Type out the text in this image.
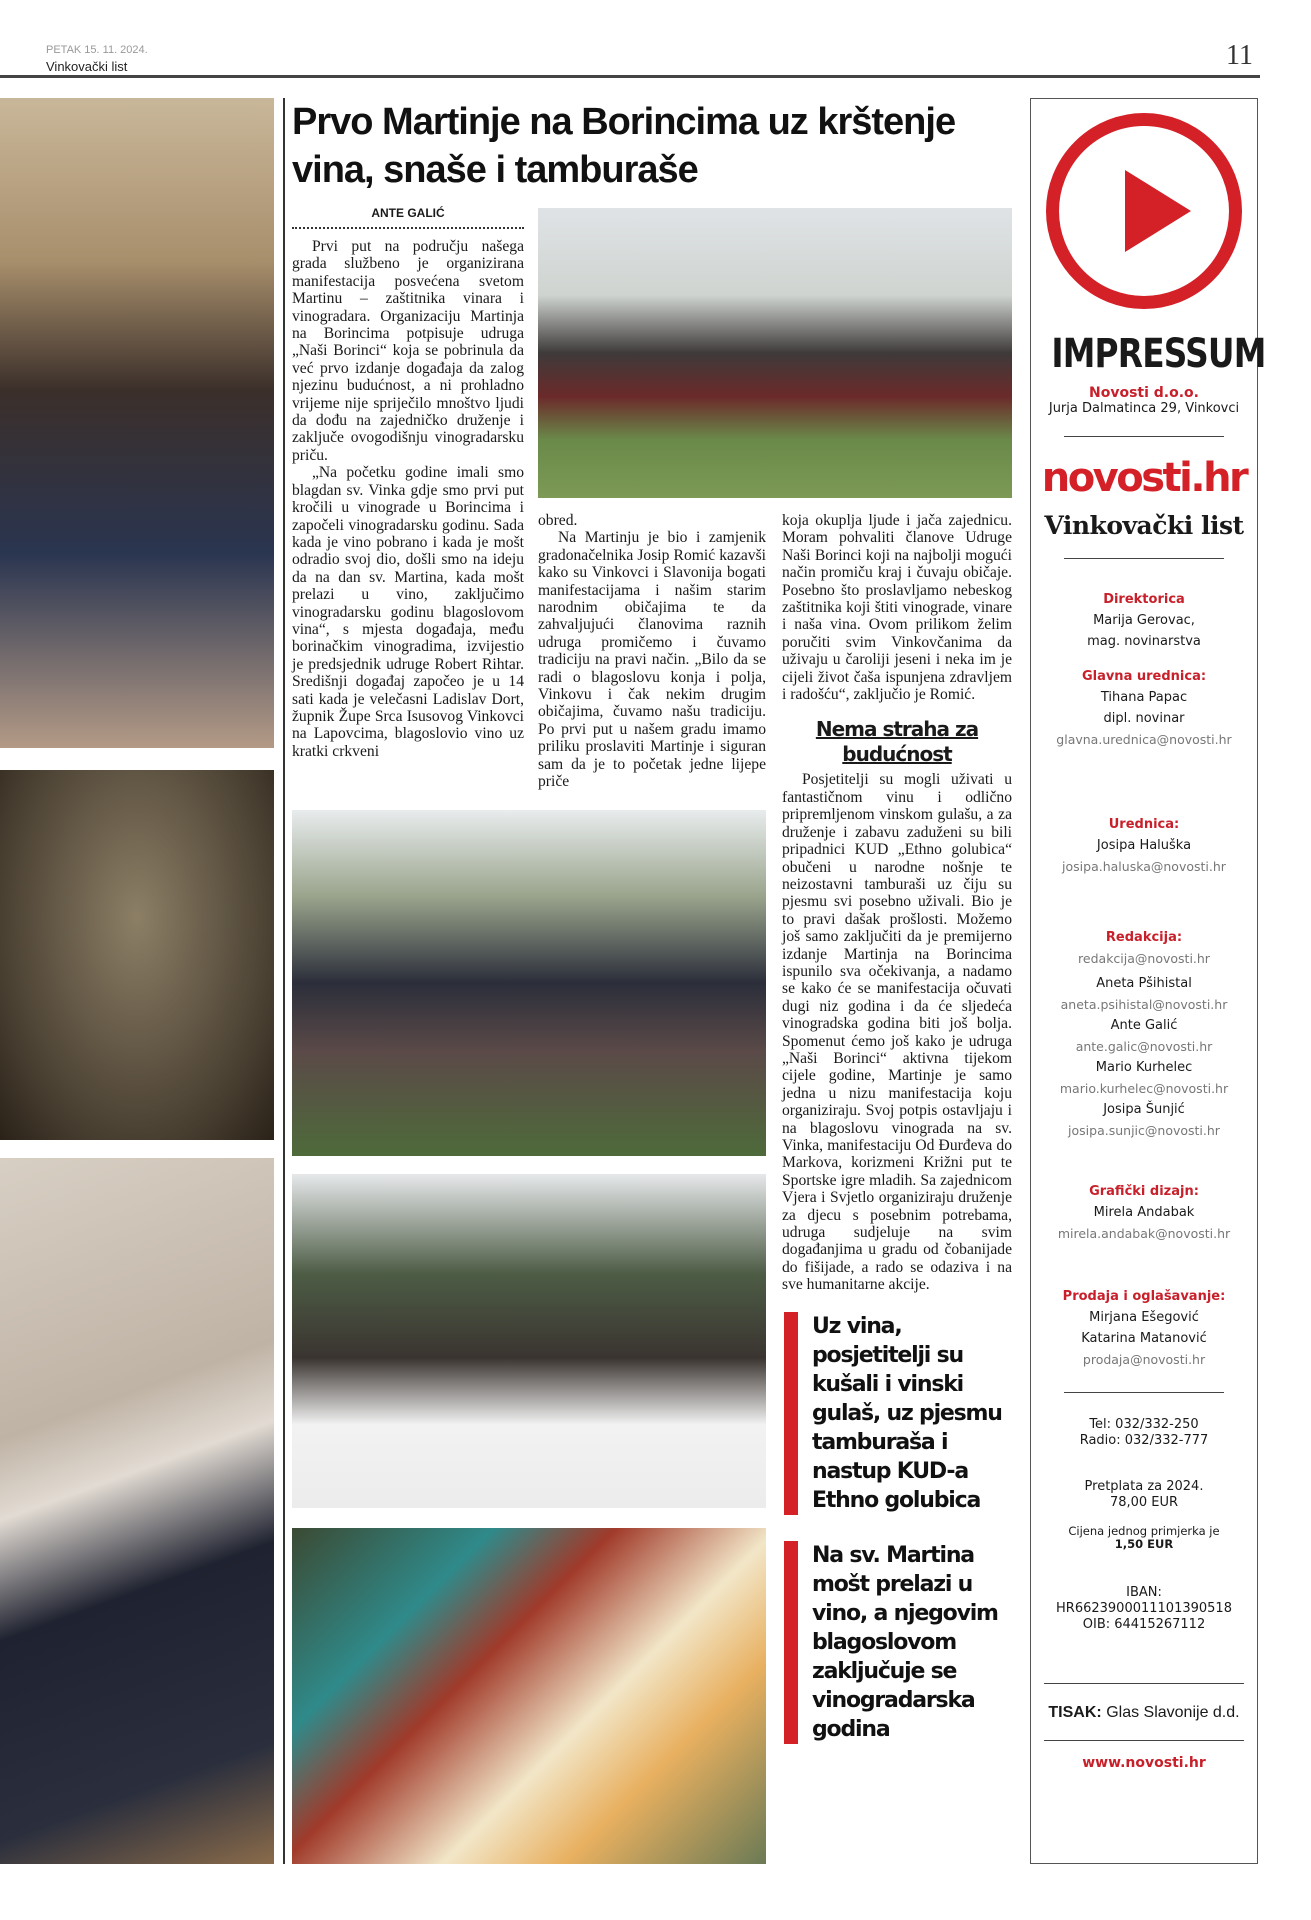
PETAK 15. 11. 2024.
Vinkovački list	11
Prvo Martinje na Borincima uz krštenje vina, snaše i tamburaše
ANTE GALIĆ

Prvi put na području našega grada službeno je organizirana manifestacija posvećena svetom Martinu – zaštitnika vinara i vinogradara. Organizaciju Martinja na Borincima potpisuje udruga „Naši Borinci“ koja se pobrinula da već prvo izdanje događaja da zalog njezinu budućnost, a ni prohladno vrijeme nije spriječilo mnoštvo ljudi da dođu na zajedničko druženje i zaključe ovogodišnju vinogradarsku priču.

„Na početku godine imali smo blagdan sv. Vinka gdje smo prvi put kročili u vinograde u Borincima i započeli vinogradarsku godinu. Sada kada je vino pobrano i kada je mošt odradio svoj dio, došli smo na ideju da na dan sv. Martina, kada mošt prelazi u vino, zaključimo vinogradarsku godinu blagoslovom vina“, s mjesta događaja, među borinačkim vinogradima, izvijestio je predsjednik udruge Robert Rihtar. Središnji događaj započeo je u 14 sati kada je velečasni Ladislav Dort, župnik Župe Srca Isusovog Vinkovci na Lapovcima, blagoslovio vino uz kratki crkveni

obred.

Na Martinju je bio i zamjenik gradonačelnika Josip Romić kazavši kako su Vinkovci i Slavonija bogati manifestacijama i našim starim narodnim običajima te da zahvaljujući članovima raznih udruga promičemo i čuvamo tradiciju na pravi način. „Bilo da se radi o blagoslovu konja i polja, Vinkovu i čak nekim drugim običajima, čuvamo našu tradiciju. Po prvi put u našem gradu imamo priliku proslaviti Martinje i siguran sam da je to početak jedne lijepe priče

koja okuplja ljude i jača zajednicu. Moram pohvaliti članove Udruge Naši Borinci koji na najbolji mogući način promiču kraj i čuvaju običaje. Posebno što proslavljamo nebeskog zaštitnika koji štiti vinograde, vinare i naša vina. Ovom prilikom želim poručiti svim Vinkovčanima da uživaju u čaroliji jeseni i neka im je cijeli život čaša ispunjena zdravljem i radošću“, zaključio je Romić.

Nema straha za budućnost

Posjetitelji su mogli uživati u fantastičnom vinu i odlično pripremljenom vinskom gulašu, a za druženje i zabavu zaduženi su bili pripadnici KUD „Ethno golubica“ obučeni u narodne nošnje te neizostavni tamburaši uz čiju su pjesmu svi posebno uživali. Bio je to pravi dašak prošlosti. Možemo još samo zaključiti da je premijerno izdanje Martinja na Borincima ispunilo sva očekivanja, a nadamo se kako će se manifestacija očuvati dugi niz godina i da će sljedeća vinogradska godina biti još bolja. Spomenut ćemo još kako je udruga „Naši Borinci“ aktivna tijekom cijele godine, Martinje je samo jedna u nizu manifestacija koju organiziraju. Svoj potpis ostavljaju i na blagoslovu vinograda na sv. Vinka, manifestaciju Od Đurđeva do Markova, korizmeni Križni put te Sportske igre mladih. Sa zajednicom Vjera i Svjetlo organiziraju druženje za djecu s posebnim potrebama, udruga sudjeluje na svim događanjima u gradu od čobanijade do fišijade, a rado se odaziva i na sve humanitarne akcije.

Uz vina, posjetitelji su kušali i vinski gulaš, uz pjesmu tamburaša i nastup KUD-a Ethno golubica
Na sv. Martina mošt prelazi u vino, a njegovim blagoslovom zaključuje se vinogradarska godina
IMPRESSUM
Novosti d.o.o.
Jurja Dalmatinca 29, Vinkovci
novosti.hr
Vinkovački list
Direktorica
Marija Gerovac,
mag. novinarstva
Glavna urednica:
Tihana Papac
dipl. novinar
glavna.urednica@novosti.hr
Urednica:
Josipa Haluška
josipa.haluska@novosti.hr
Redakcija:
redakcija@novosti.hr
Aneta Pšihistal
aneta.psihistal@novosti.hr
Ante Galić
ante.galic@novosti.hr
Mario Kurhelec
mario.kurhelec@novosti.hr
Josipa Šunjić
josipa.sunjic@novosti.hr
Grafički dizajn:
Mirela Andabak
mirela.andabak@novosti.hr
Prodaja i oglašavanje:
Mirjana Ešegović
Katarina Matanović
prodaja@novosti.hr
Tel: 032/332-250
Radio: 032/332-777
Pretplata za 2024.
78,00 EUR
Cijena jednog primjerka je
1,50 EUR
IBAN:
HR6623900011101390518
OIB: 64415267112
TISAK: Glas Slavonije d.d.
www.novosti.hr
